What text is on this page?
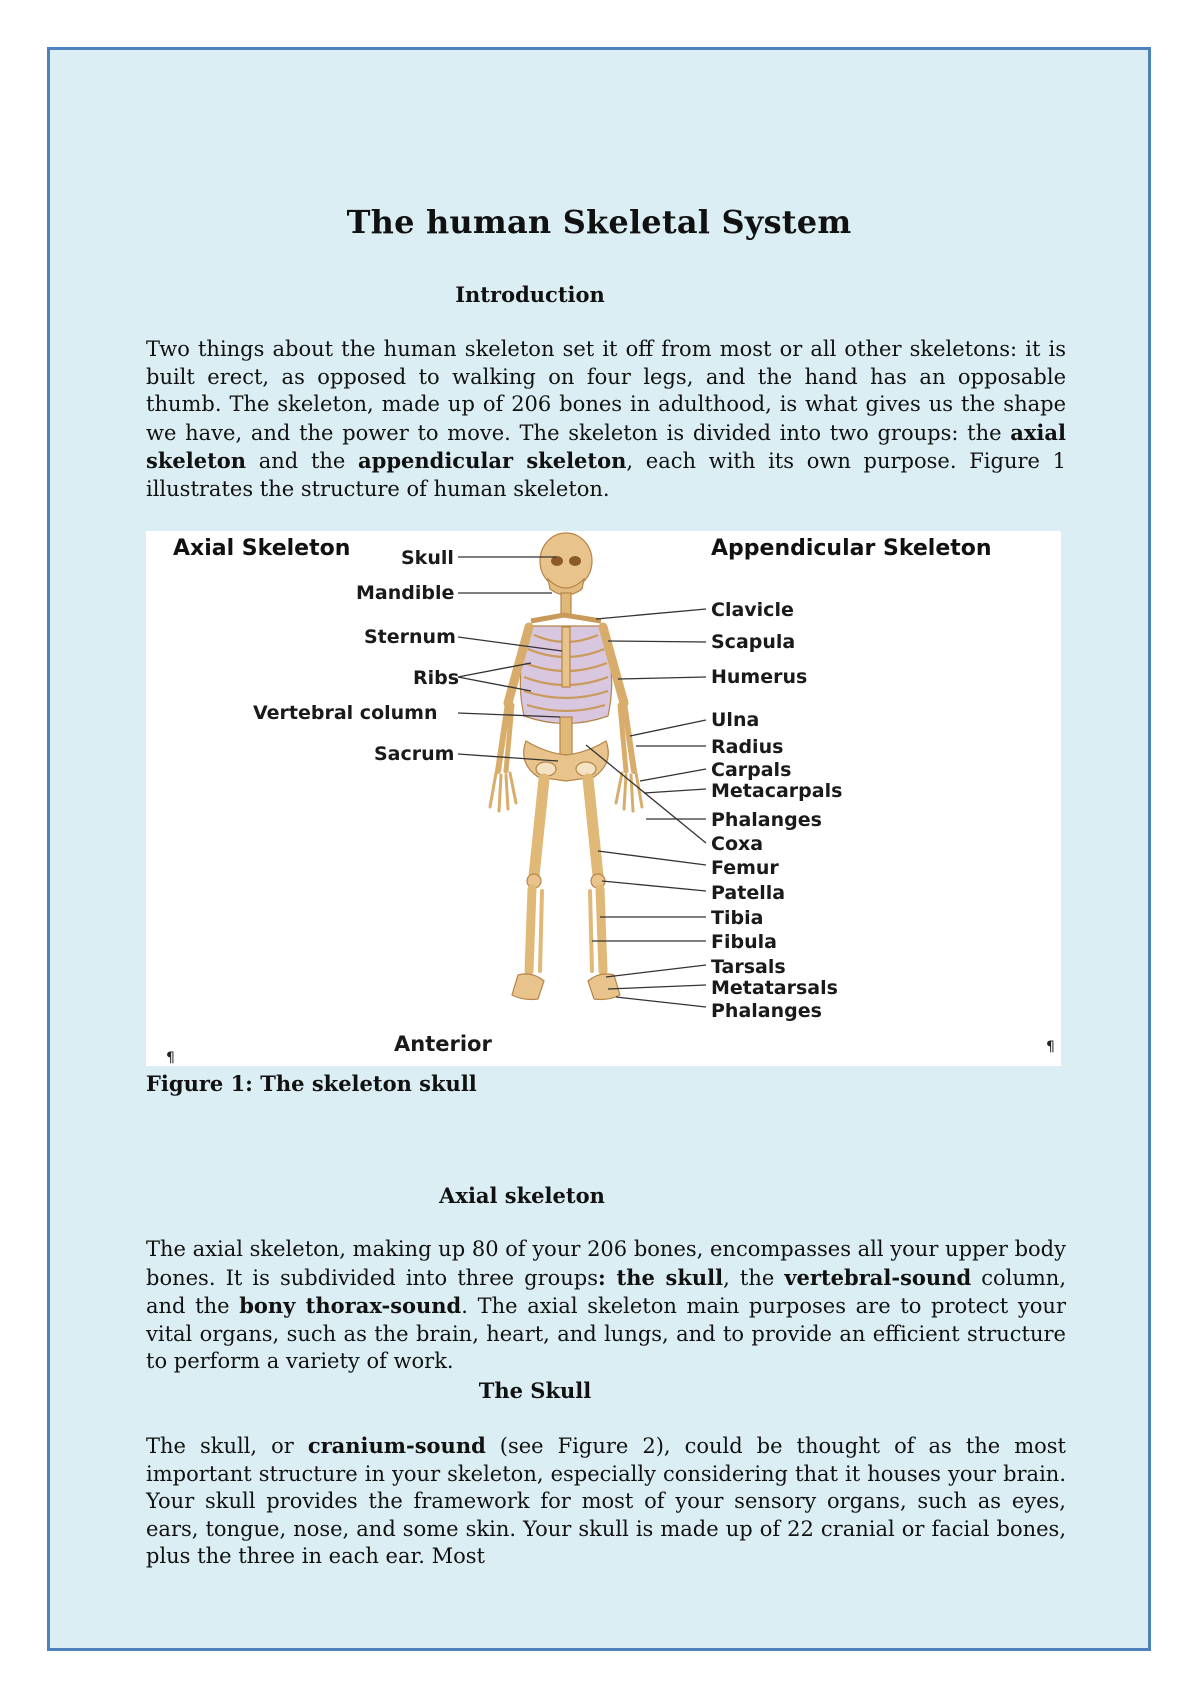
The human Skeletal System
Introduction
Two things about the human skeleton set it off from most or all other skeletons: it is built erect, as opposed to walking on four legs, and the hand has an opposable thumb. The skeleton, made up of 206 bones in adulthood, is what gives us the shape we have, and the power to move. The skeleton is divided into two groups: the axial skeleton and the appendicular skeleton, each with its own purpose. Figure 1 illustrates the structure of human skeleton.
Axial Skeleton	Appendicular Skeleton
Skull
Mandible
Sternum
Ribs
Vertebral column
Sacrum
Clavicle
Scapula
Humerus
Ulna
Radius
Carpals
Metacarpals
Phalanges
Coxa
Femur
Patella
Tibia
Fibula
Tarsals
Metatarsals
Phalanges
Anterior
¶
¶
Figure 1: The skeleton skull
Axial skeleton
The axial skeleton, making up 80 of your 206 bones, encompasses all your upper body bones. It is subdivided into three groups: the skull, the vertebral-sound column, and the bony thorax-sound. The axial skeleton main purposes are to protect your vital organs, such as the brain, heart, and lungs, and to provide an efficient structure to perform a variety of work.
The Skull
The skull, or cranium-sound (see Figure 2), could be thought of as the most important structure in your skeleton, especially considering that it houses your brain. Your skull provides the framework for most of your sensory organs, such as eyes, ears, tongue, nose, and some skin. Your skull is made up of 22 cranial or facial bones, plus the three in each ear. Most
